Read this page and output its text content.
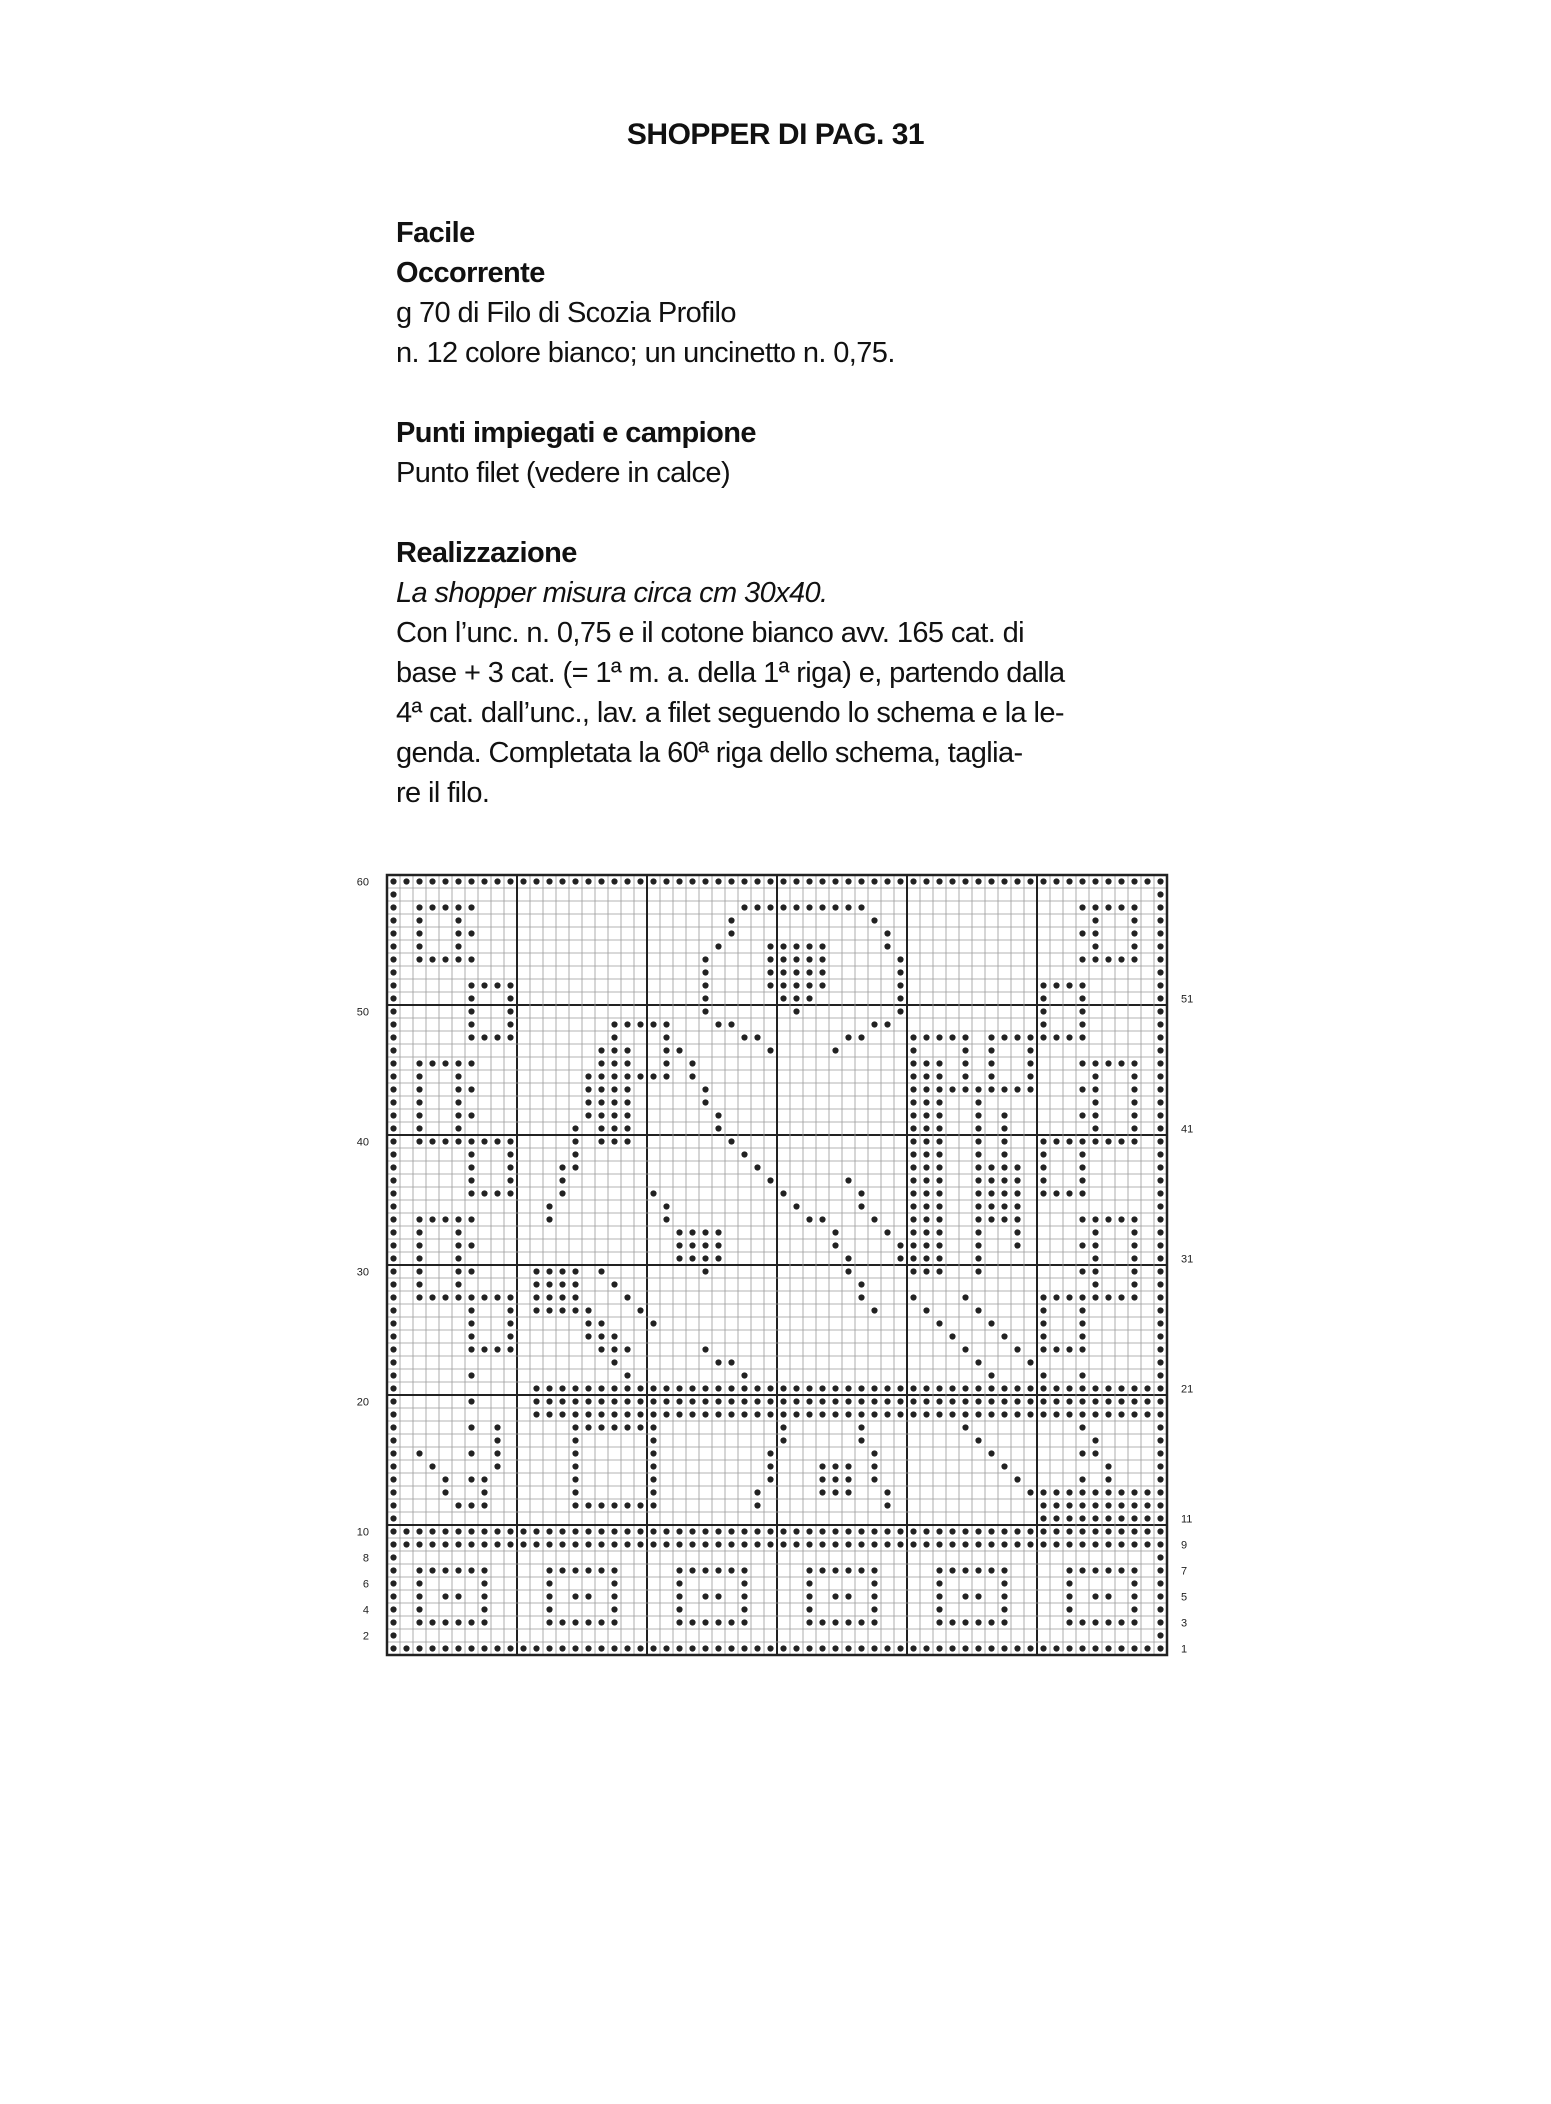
SHOPPER DI PAG. 31
Facile
Occorrente
g 70 di Filo di Scozia Profilo
n. 12 colore bianco; un uncinetto n. 0,75.
Punti impiegati e campione
Punto filet (vedere in calce)
Realizzazione
La shopper misura circa cm 30x40.
Con l’unc. n. 0,75 e il cotone bianco avv. 165 cat. di
base + 3 cat. (= 1ª m. a. della 1ª riga) e, partendo dalla
4ª cat. dall’unc., lav. a filet seguendo lo schema e la le-
genda. Completata la 60ª riga dello schema, taglia-
re il filo.
60
50
40
30
20
10
8
6
4
2
51
41
31
21
11
9
7
5
3
1
